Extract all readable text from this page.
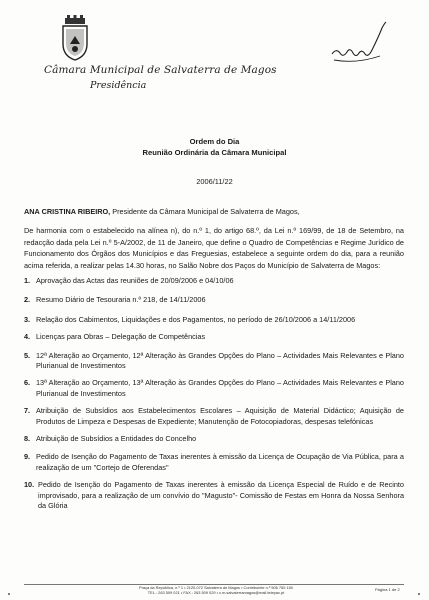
Câmara Municipal de Salvaterra de Magos
Presidência
Ordem do Dia
Reunião Ordinária da Câmara Municipal
2006/11/22
ANA CRISTINA RIBEIRO, Presidente da Câmara Municipal de Salvaterra de Magos,
De harmonia com o estabelecido na alínea n), do n.º 1, do artigo 68.º, da Lei n.º 169/99, de 18 de Setembro, na redacção dada pela Lei n.º 5-A/2002, de 11 de Janeiro, que define o Quadro de Competências e Regime Jurídico de Funcionamento dos Órgãos dos Municípios e das Freguesias, estabelece a seguinte ordem do dia, para a reunião acima referida, a realizar pelas 14.30 horas, no Salão Nobre dos Paços do Município de Salvaterra de Magos:
1. Aprovação das Actas das reuniões de 20/09/2006 e 04/10/06
2. Resumo Diário de Tesouraria n.º 218, de 14/11/2006
3. Relação dos Cabimentos, Liquidações e dos Pagamentos, no período de 26/10/2006 a 14/11/2006
4. Licenças para Obras – Delegação de Competências
5. 12ª Alteração ao Orçamento, 12ª Alteração às Grandes Opções do Plano – Actividades Mais Relevantes e Plano Plurianual de Investimentos
6. 13ª Alteração ao Orçamento, 13ª Alteração às Grandes Opções do Plano – Actividades Mais Relevantes e Plano Plurianual de Investimentos
7. Atribuição de Subsídios aos Estabelecimentos Escolares – Aquisição de Material Didáctico; Aquisição de Produtos de Limpeza e Despesas de Expediente; Manutenção de Fotocopiadoras, despesas telefónicas
8. Atribuição de Subsídios a Entidades do Concelho
9. Pedido de Isenção do Pagamento de Taxas inerentes à emissão da Licença de Ocupação de Via Pública, para a realização de um "Cortejo de Oferendas"
10. Pedido de Isenção do Pagamento de Taxas inerentes à emissão da Licença Especial de Ruído e de Recinto improvisado, para a realização de um convívio do "Magusto"- Comissão de Festas em Honra da Nossa Senhora da Glória
Praça da República, n.º 1 • 2120-072 Salvaterra de Magos • Contribuinte n.º 506 755 150
TEL.: 263 509 021 • FAX.: 263 509 029 • c.m.salvaterramagos@mail.telepac.pt
Página 1 de 2
